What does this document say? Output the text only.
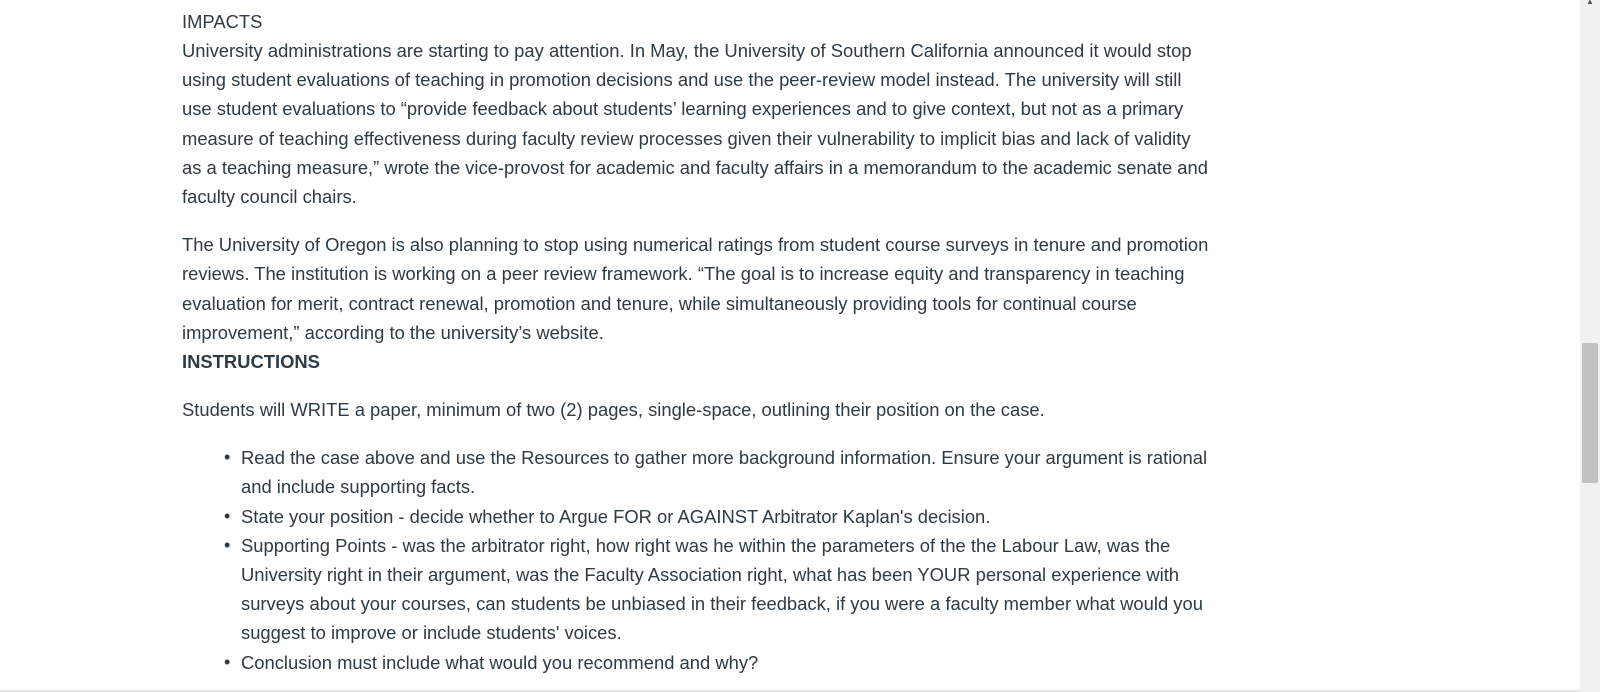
IMPACTS

University administrations are starting to pay attention. In May, the University of Southern California announced it would stop using student evaluations of teaching in promotion decisions and use the peer-review model instead. The university will still use student evaluations to “provide feedback about students’ learning experiences and to give context, but not as a primary measure of teaching effectiveness during faculty review processes given their vulnerability to implicit bias and lack of validity as a teaching measure,” wrote the vice-provost for academic and faculty affairs in a memorandum to the academic senate and faculty council chairs.

The University of Oregon is also planning to stop using numerical ratings from student course surveys in tenure and promotion reviews. The institution is working on a peer review framework. “The goal is to increase equity and transparency in teaching evaluation for merit, contract renewal, promotion and tenure, while simultaneously providing tools for continual course improvement,” according to the university’s website.

INSTRUCTIONS

Students will WRITE a paper, minimum of two (2) pages, single-space, outlining their position on the case.

• Read the case above and use the Resources to gather more background information. Ensure your argument is rational and include supporting facts.
• State your position - decide whether to Argue FOR or AGAINST Arbitrator Kaplan's decision.
• Supporting Points - was the arbitrator right, how right was he within the parameters of the the Labour Law, was the University right in their argument, was the Faculty Association right, what has been YOUR personal experience with surveys about your courses, can students be unbiased in their feedback, if you were a faculty member what would you suggest to improve or include students' voices.
• Conclusion must include what would you recommend and why?
▲
